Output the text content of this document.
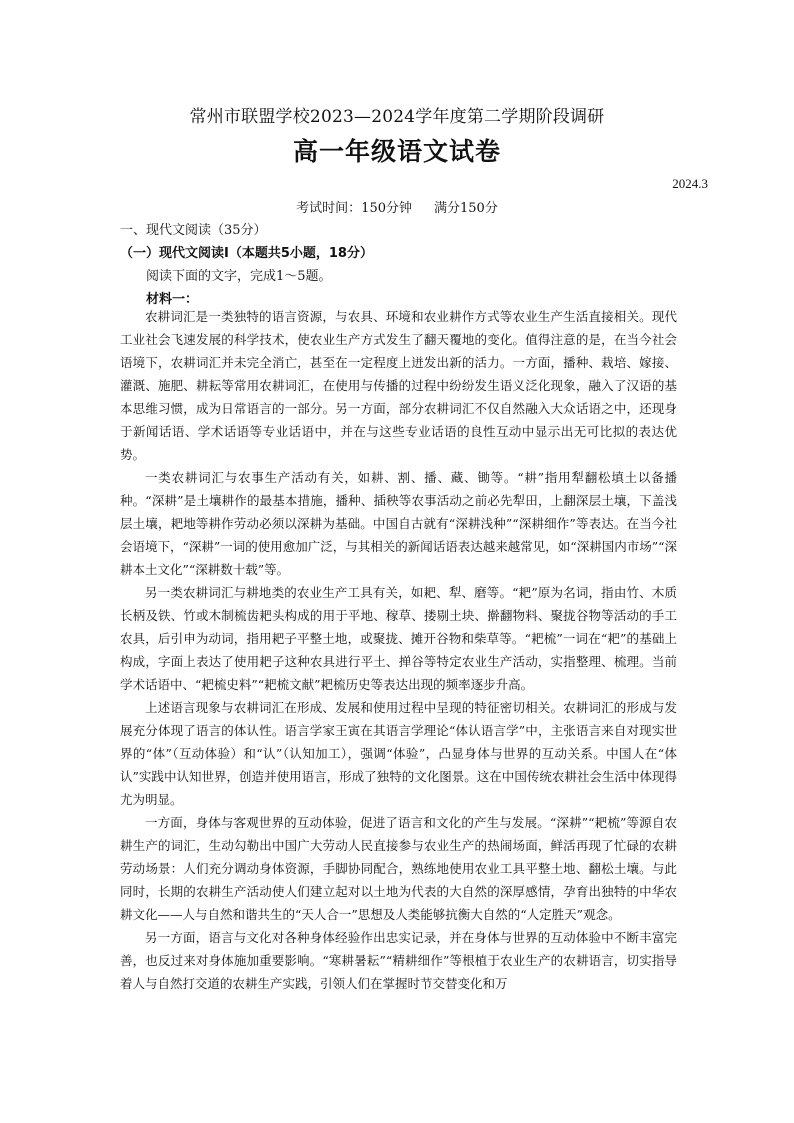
常州市联盟学校2023—2024学年度第二学期阶段调研
高一年级语文试卷
2024.3
考试时间：150分钟 满分150分
一、现代文阅读（35分）
（一）现代文阅读Ⅰ（本题共5小题，18分）
阅读下面的文字，完成1～5题。
材料一：

农耕词汇是一类独特的语言资源，与农具、环境和农业耕作方式等农业生产生活直接相关。现代工业社会飞速发展的科学技术，使农业生产方式发生了翻天覆地的变化。值得注意的是，在当今社会语境下，农耕词汇并未完全消亡，甚至在一定程度上迸发出新的活力。一方面，播种、栽培、嫁接、灌溉、施肥、耕耘等常用农耕词汇，在使用与传播的过程中纷纷发生语义泛化现象，融入了汉语的基本思维习惯，成为日常语言的一部分。另一方面，部分农耕词汇不仅自然融入大众话语之中，还现身于新闻话语、学术话语等专业话语中，并在与这些专业话语的良性互动中显示出无可比拟的表达优势。

一类农耕词汇与农事生产活动有关，如耕、割、播、藏、锄等。“耕”指用犁翻松填土以备播种。“深耕”是土壤耕作的最基本措施，播种、插秧等农事活动之前必先犁田，上翻深层土壤，下盖浅层土壤，耙地等耕作劳动必须以深耕为基础。中国自古就有“深耕浅种”“深耕细作”等表达。在当今社会语境下，“深耕”一词的使用愈加广泛，与其相关的新闻话语表达越来越常见，如“深耕国内市场”“深耕本土文化”“深耕数十载”等。

另一类农耕词汇与耕地类的农业生产工具有关，如耙、犁、磨等。“耙”原为名词，指由竹、木质长柄及铁、竹或木制梳齿耙头构成的用于平地、稼草、搂剔土块、擀翻物料、聚拢谷物等活动的手工农具，后引申为动词，指用耙子平整土地，或聚拢、摊开谷物和柴草等。“耙梳”一词在“耙”的基础上构成，字面上表达了使用耙子这种农具进行平土、掸谷等特定农业生产活动，实指整理、梳理。当前学术话语中、“耙梳史料”“耙梳文献”耙梳历史等表达出现的频率逐步升高。

上述语言现象与农耕词汇在形成、发展和使用过程中呈现的特征密切相关。农耕词汇的形成与发展充分体现了语言的体认性。语言学家王寅在其语言学理论“体认语言学”中，主张语言来自对现实世界的“体”（互动体验）和“认”（认知加工），强调“体验”，凸显身体与世界的互动关系。中国人在“体认”实践中认知世界，创造并使用语言，形成了独特的文化图景。这在中国传统农耕社会生活中体现得尤为明显。

一方面，身体与客观世界的互动体验，促进了语言和文化的产生与发展。“深耕”“耙梳”等源自农耕生产的词汇，生动勾勒出中国广大劳动人民直接参与农业生产的热闹场面，鲜活再现了忙碌的农耕劳动场景：人们充分调动身体资源，手脚协同配合，熟练地使用农业工具平整土地、翻松土壤。与此同时，长期的农耕生产活动使人们建立起对以土地为代表的大自然的深厚感情，孕育出独特的中华农耕文化——人与自然和谐共生的“天人合一”思想及人类能够抗衡大自然的“人定胜天”观念。

另一方面，语言与文化对各种身体经验作出忠实记录，并在身体与世界的互动体验中不断丰富完善，也反过来对身体施加重要影响。“寒耕暑耘”“精耕细作”等根植于农业生产的农耕语言，切实指导着人与自然打交道的农耕生产实践，引领人们在掌握时节交替变化和万
